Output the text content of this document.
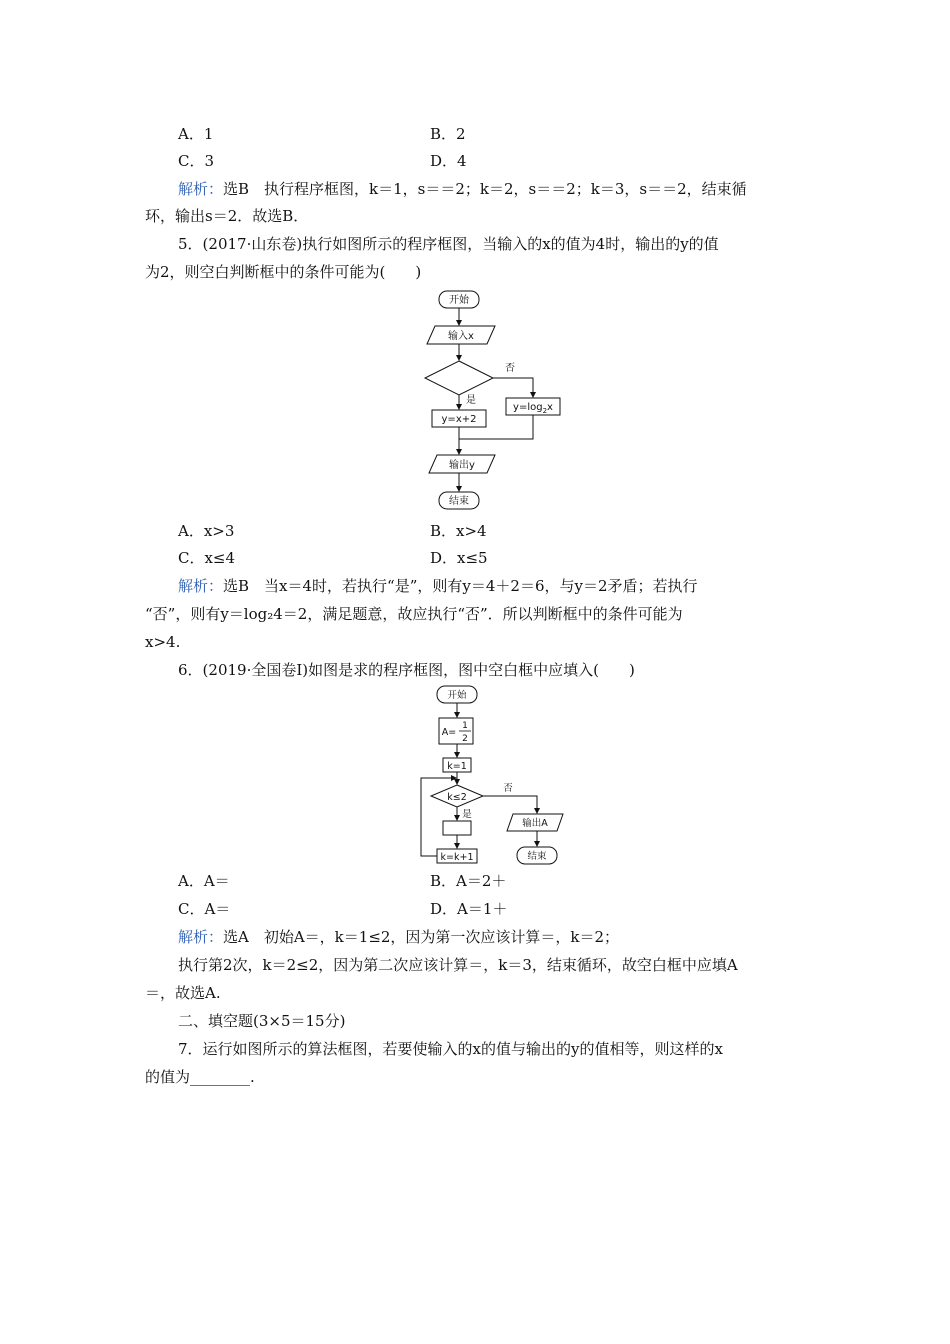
A．1	B．2
C．3	D．4
解析：选B　执行程序框图，k＝1，s＝＝2；k＝2，s＝＝2；k＝3，s＝＝2，结束循
环，输出s＝2．故选B．
5．(2017·山东卷)执行如图所示的程序框图，当输入的x的值为4时，输出的y的值
为2，则空白判断框中的条件可能为(　　)
开始
输入x
否
是
y=x+2
$y=\log_2x$
输出y
结束
A．x>3	B．x>4
C．x≤4	D．x≤5
解析：选B　当x＝4时，若执行“是”，则有y＝4＋2＝6，与y＝2矛盾；若执行
“否”，则有y＝log₂4＝2，满足题意，故应执行“否”．所以判断框中的条件可能为
x>4.
6．(2019·全国卷Ⅰ)如图是求的程序框图，图中空白框中应填入(　　)
开始
A=
1
2
k=1
k≤2
否
是
k=k+1
输出A
结束
A．A＝	B．A＝2＋
C．A＝	D．A＝1＋
解析：选A　初始A＝，k＝1≤2，因为第一次应该计算＝，k＝2；
执行第2次，k＝2≤2，因为第二次应该计算＝，k＝3，结束循环，故空白框中应填A
＝，故选A.
二、填空题(3×5＝15分)
7．运行如图所示的算法框图，若要使输入的x的值与输出的y的值相等，则这样的x
的值为________.
